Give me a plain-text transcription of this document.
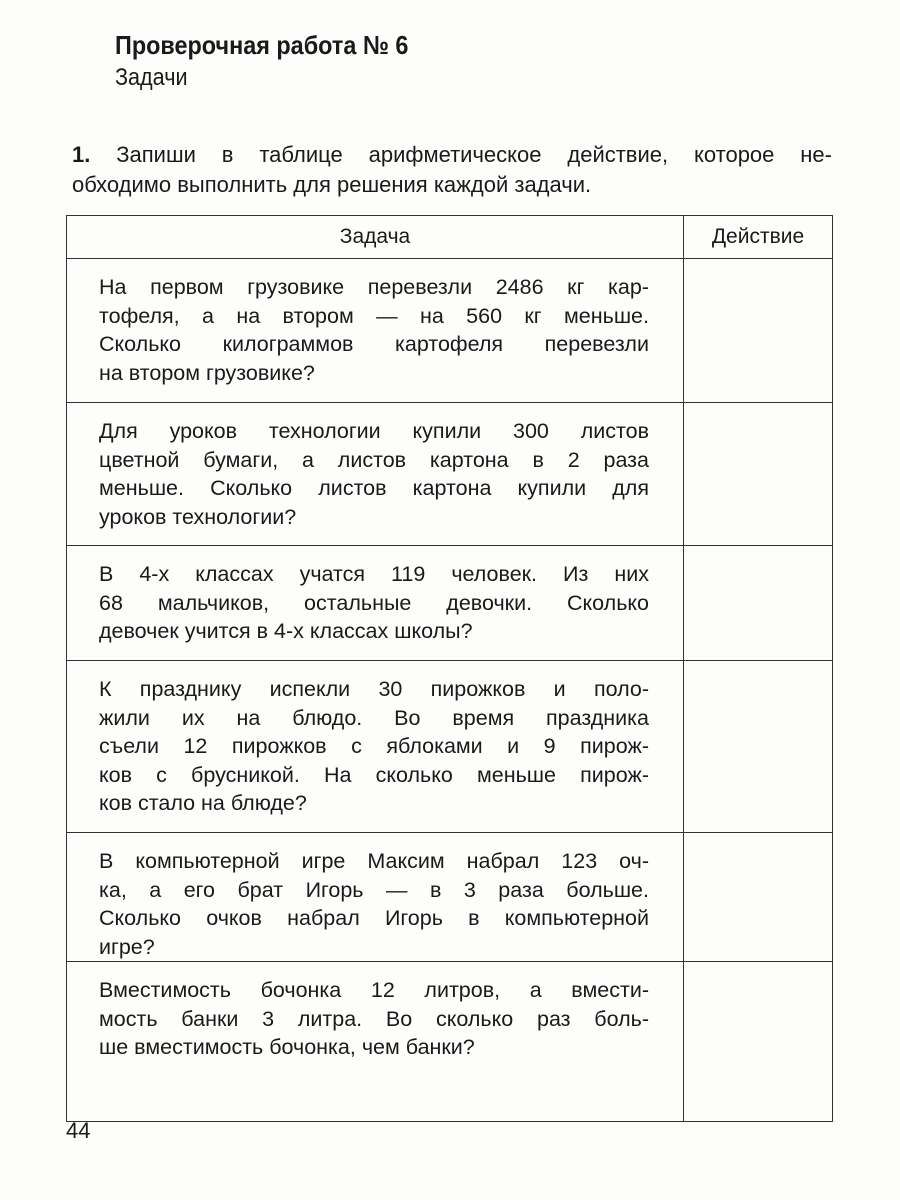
Проверочная работа № 6
Задачи
1. Запиши в таблице арифметическое действие, которое не-
обходимо выполнить для решения каждой задачи.
Задача	Действие

На первом грузовике перевезли 2486 кг кар-
тофеля, а на втором — на 560 кг меньше.
Сколько килограммов картофеля перевезли
на втором грузовике?	

Для уроков технологии купили 300 листов
цветной бумаги, а листов картона в 2 раза
меньше. Сколько листов картона купили для
уроков технологии?	

В 4-х классах учатся 119 человек. Из них
68 мальчиков, остальные девочки. Сколько
девочек учится в 4-х классах школы?	

К празднику испекли 30 пирожков и поло-
жили их на блюдо. Во время праздника
съели 12 пирожков с яблоками и 9 пирож-
ков с брусникой. На сколько меньше пирож-
ков стало на блюде?	

В компьютерной игре Максим набрал 123 оч-
ка, а его брат Игорь — в 3 раза больше.
Сколько очков набрал Игорь в компьютерной
игре?	

Вместимость бочонка 12 литров, а вмести-
мость банки 3 литра. Во сколько раз боль-
ше вместимость бочонка, чем банки?	

44
